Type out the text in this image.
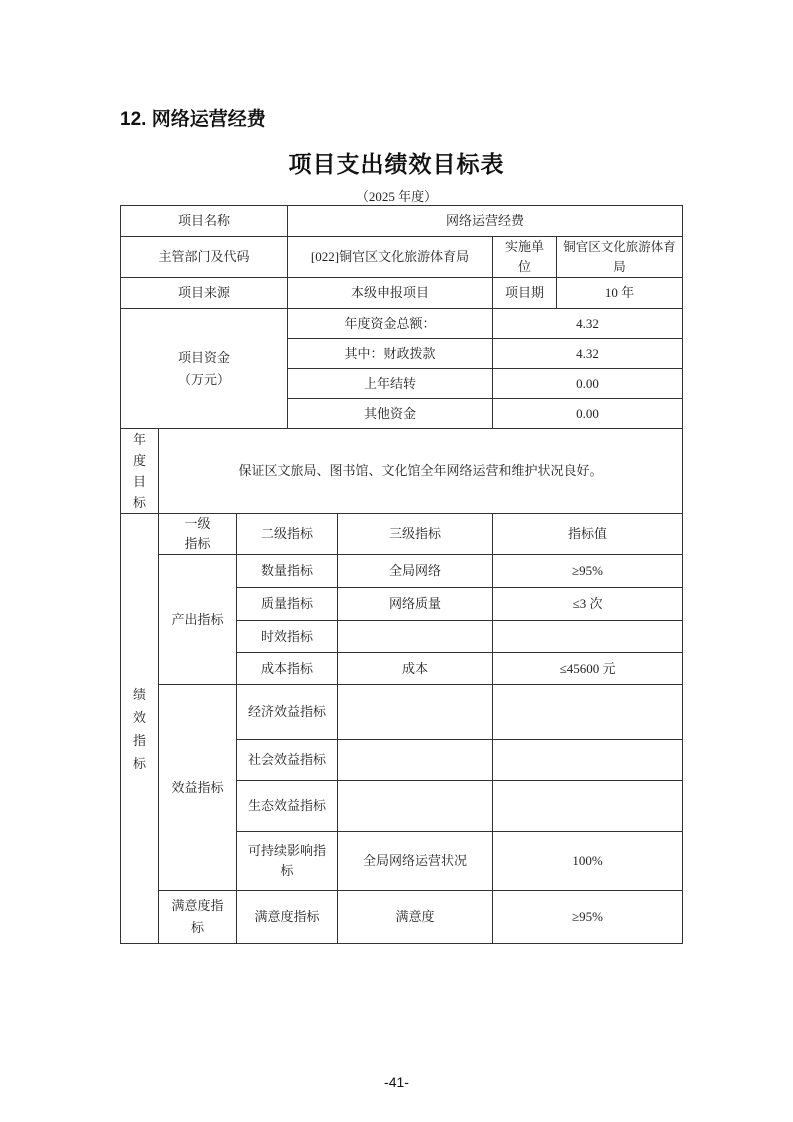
12. 网络运营经费
项目支出绩效目标表
（2025 年度）
项目名称			网络运营经费			
主管部门及代码			[022]铜官区文化旅游体育局		实施单位	铜官区文化旅游体育局
项目来源			本级申报项目		项目期	10 年
项目资金（万元）			年度资金总额：		4.32	
			其中：财政拨款		4.32	
			上年结转		0.00	
			其他资金		0.00	
年度目标	保证区文旅局、图书馆、文化馆全年网络运营和维护状况良好。					
绩效指标	一级指标	二级指标		三级指标	指标值	
	产出指标	数量指标		全局网络	≥95%	
		质量指标		网络质量	≤3 次	
		时效指标				
		成本指标		成本	≤45600 元	
	效益指标	经济效益指标				
		社会效益指标				
		生态效益指标				
		可持续影响指标		全局网络运营状况	100%	
	满意度指标	满意度指标		满意度	≥95%	
-41-
